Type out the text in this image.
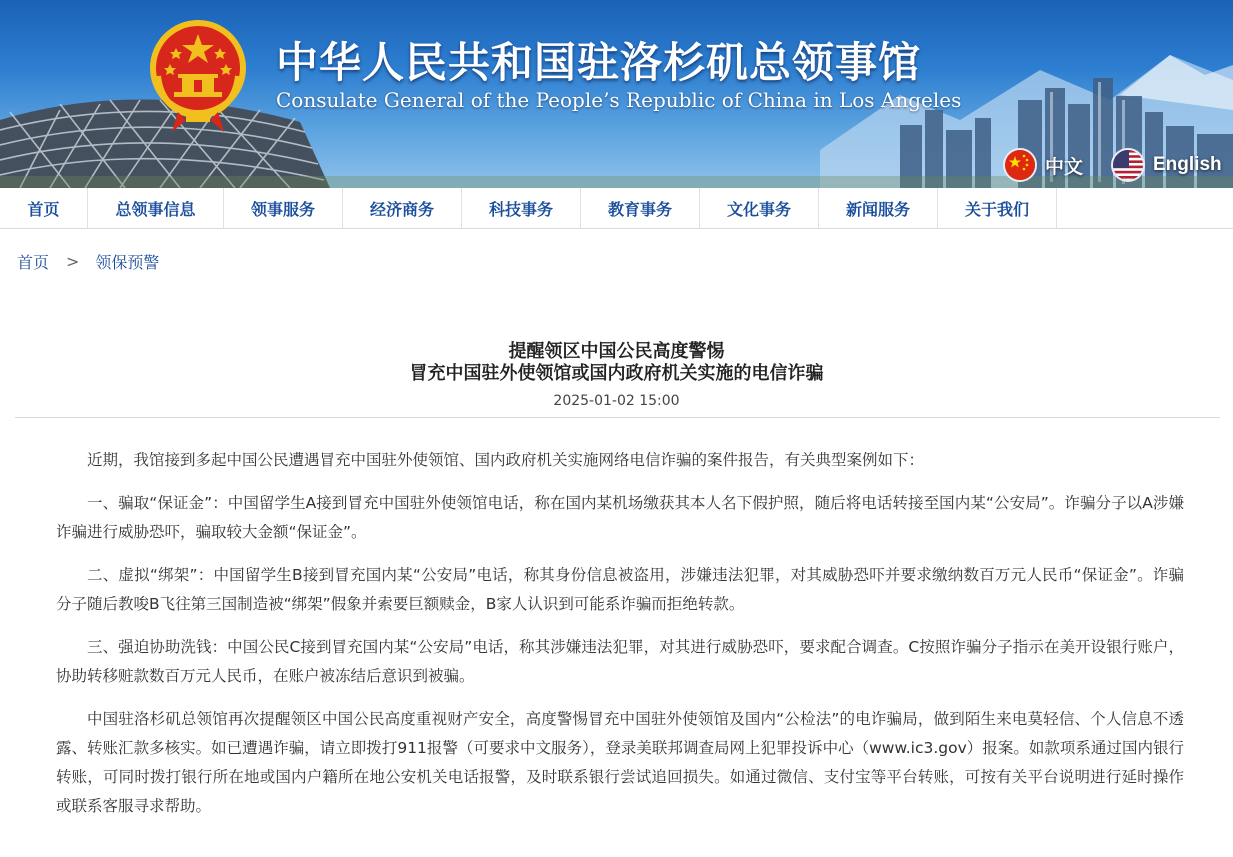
中华人民共和国驻洛杉矶总领事馆
Consulate General of the People’s Republic of China in Los Angeles
中文	English
首页	总领事信息	领事服务	经济商务	科技事务	教育事务	文化事务	新闻服务	关于我们
首页 > 领保预警
提醒领区中国公民高度警惕
冒充中国驻外使领馆或国内政府机关实施的电信诈骗
2025-01-02 15:00

近期，我馆接到多起中国公民遭遇冒充中国驻外使领馆、国内政府机关实施网络电信诈骗的案件报告，有关典型案例如下：

一、骗取“保证金”：中国留学生A接到冒充中国驻外使领馆电话，称在国内某机场缴获其本人名下假护照，随后将电话转接至国内某“公安局”。诈骗分子以A涉嫌诈骗进行威胁恐吓，骗取较大金额“保证金”。

二、虚拟“绑架”：中国留学生B接到冒充国内某“公安局”电话，称其身份信息被盗用，涉嫌违法犯罪，对其威胁恐吓并要求缴纳数百万元人民币“保证金”。诈骗分子随后教唆B飞往第三国制造被“绑架”假象并索要巨额赎金，B家人认识到可能系诈骗而拒绝转款。

三、强迫协助洗钱：中国公民C接到冒充国内某“公安局”电话，称其涉嫌违法犯罪，对其进行威胁恐吓，要求配合调查。C按照诈骗分子指示在美开设银行账户，协助转移赃款数百万元人民币，在账户被冻结后意识到被骗。

中国驻洛杉矶总领馆再次提醒领区中国公民高度重视财产安全，高度警惕冒充中国驻外使领馆及国内“公检法”的电诈骗局，做到陌生来电莫轻信、个人信息不透露、转账汇款多核实。如已遭遇诈骗，请立即拨打911报警（可要求中文服务），登录美联邦调查局网上犯罪投诉中心（www.ic3.gov）报案。如款项系通过国内银行转账，可同时拨打银行所在地或国内户籍所在地公安机关电话报警，及时联系银行尝试追回损失。如通过微信、支付宝等平台转账，可按有关平台说明进行延时操作或联系客服寻求帮助。
